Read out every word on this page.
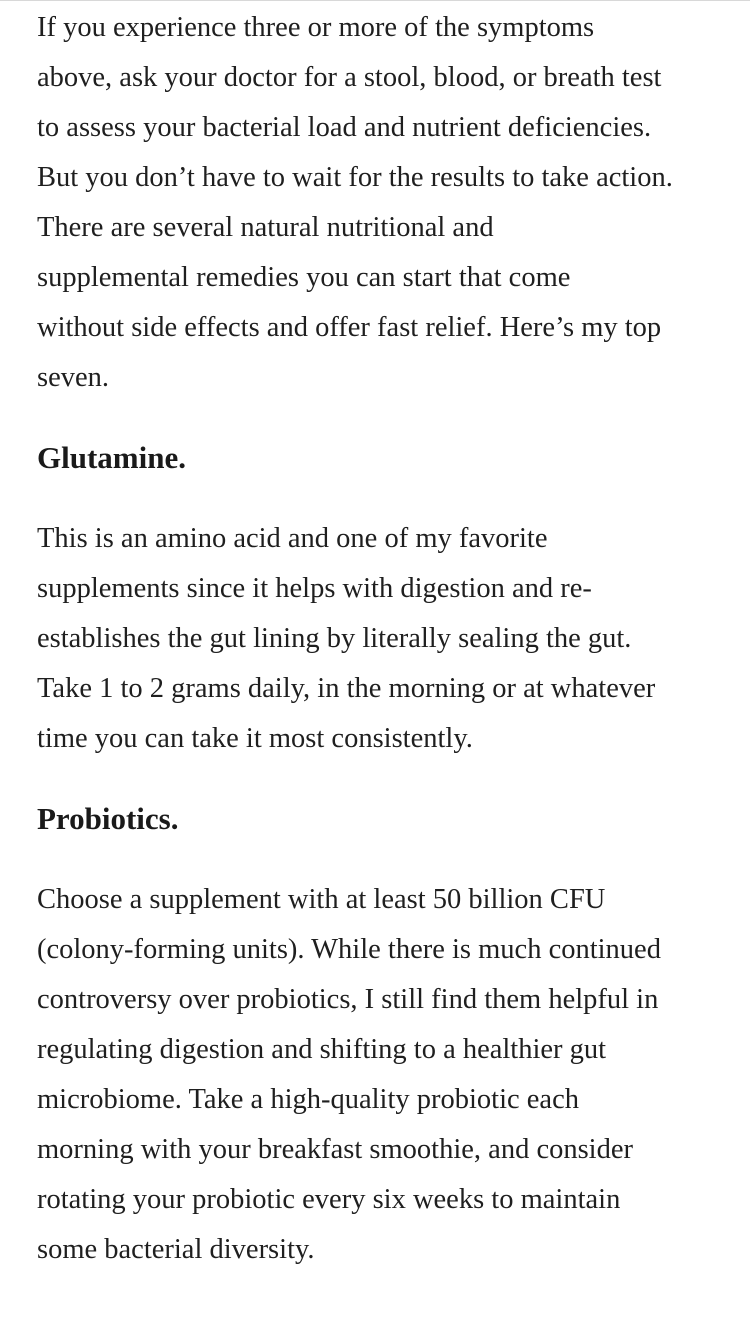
If you experience three or more of the symptoms
above, ask your doctor for a stool, blood, or breath test
to assess your bacterial load and nutrient deficiencies.
But you don’t have to wait for the results to take action.
There are several natural nutritional and
supplemental remedies you can start that come
without side effects and offer fast relief. Here’s my top
seven.
Glutamine.
This is an amino acid and one of my favorite
supplements since it helps with digestion and re-
establishes the gut lining by literally sealing the gut.
Take 1 to 2 grams daily, in the morning or at whatever
time you can take it most consistently.
Probiotics.
Choose a supplement with at least 50 billion CFU
(colony-forming units). While there is much continued
controversy over probiotics, I still find them helpful in
regulating digestion and shifting to a healthier gut
microbiome. Take a high-quality probiotic each
morning with your breakfast smoothie, and consider
rotating your probiotic every six weeks to maintain
some bacterial diversity.
